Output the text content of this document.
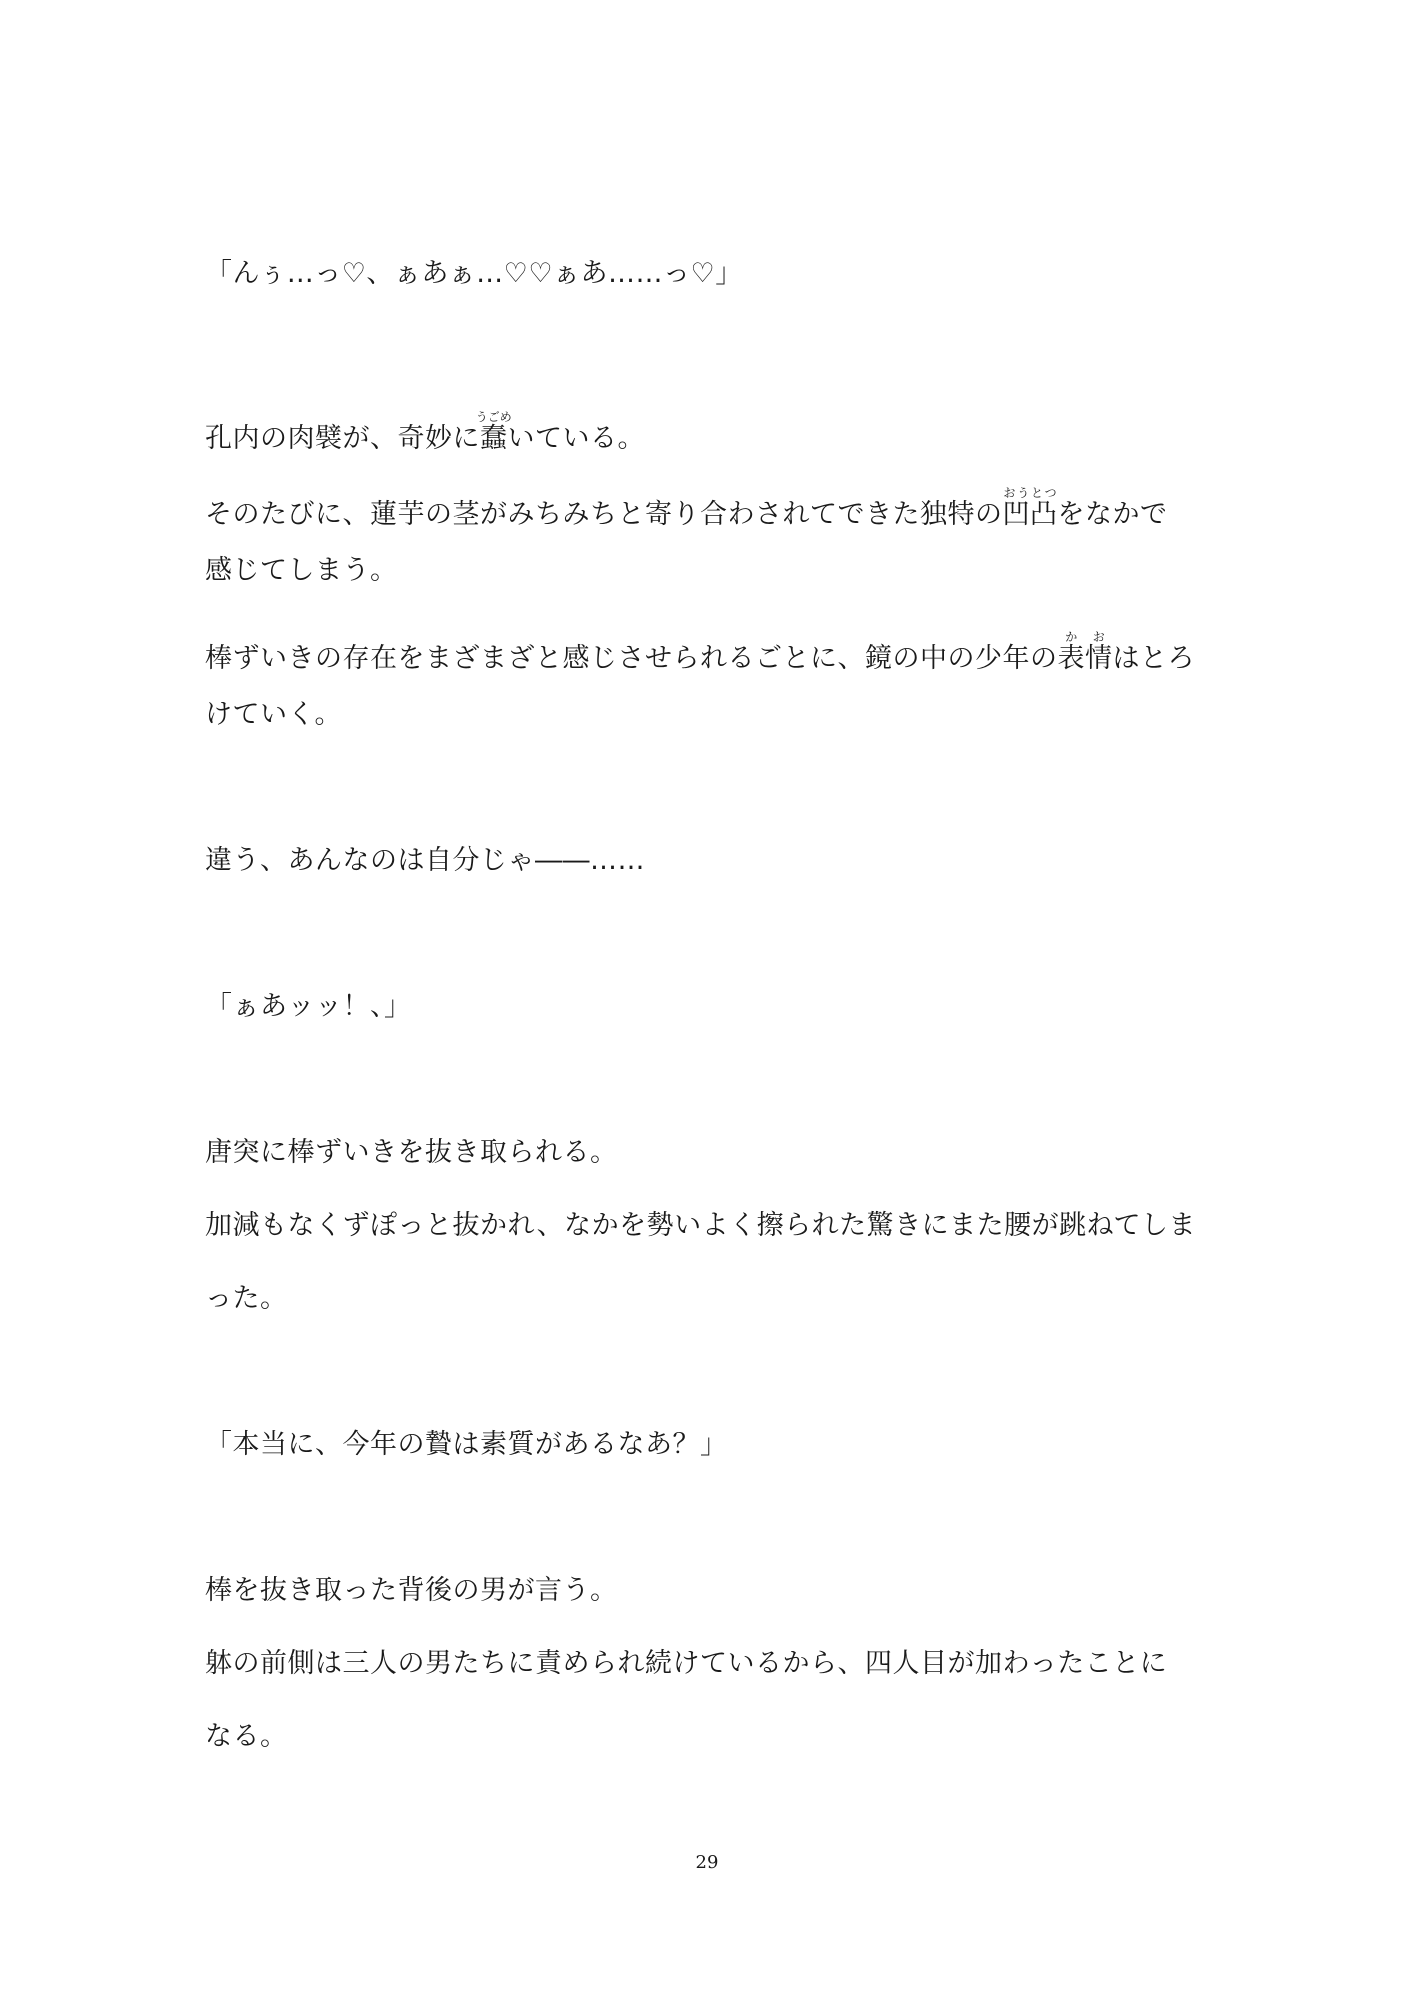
「んぅ…っ♡、ぁあぁ…♡♡ぁあ……っ♡」
孔内の肉襞が、奇妙に蠢うごめいている。
そのたびに、蓮芋の茎がみちみちと寄り合わされてできた独特の凹凸おうとつをなかで
感じてしまう。
棒ずいきの存在をまざまざと感じさせられるごとに、鏡の中の少年の表情かおはとろ
けていく。
違う、あんなのは自分じゃ――……
「ぁあッッ！、」
唐突に棒ずいきを抜き取られる。
加減もなくずぽっと抜かれ、なかを勢いよく擦られた驚きにまた腰が跳ねてしま
った。
「本当に、今年の贄は素質があるなあ？」
棒を抜き取った背後の男が言う。
躰の前側は三人の男たちに責められ続けているから、四人目が加わったことに
なる。
29
